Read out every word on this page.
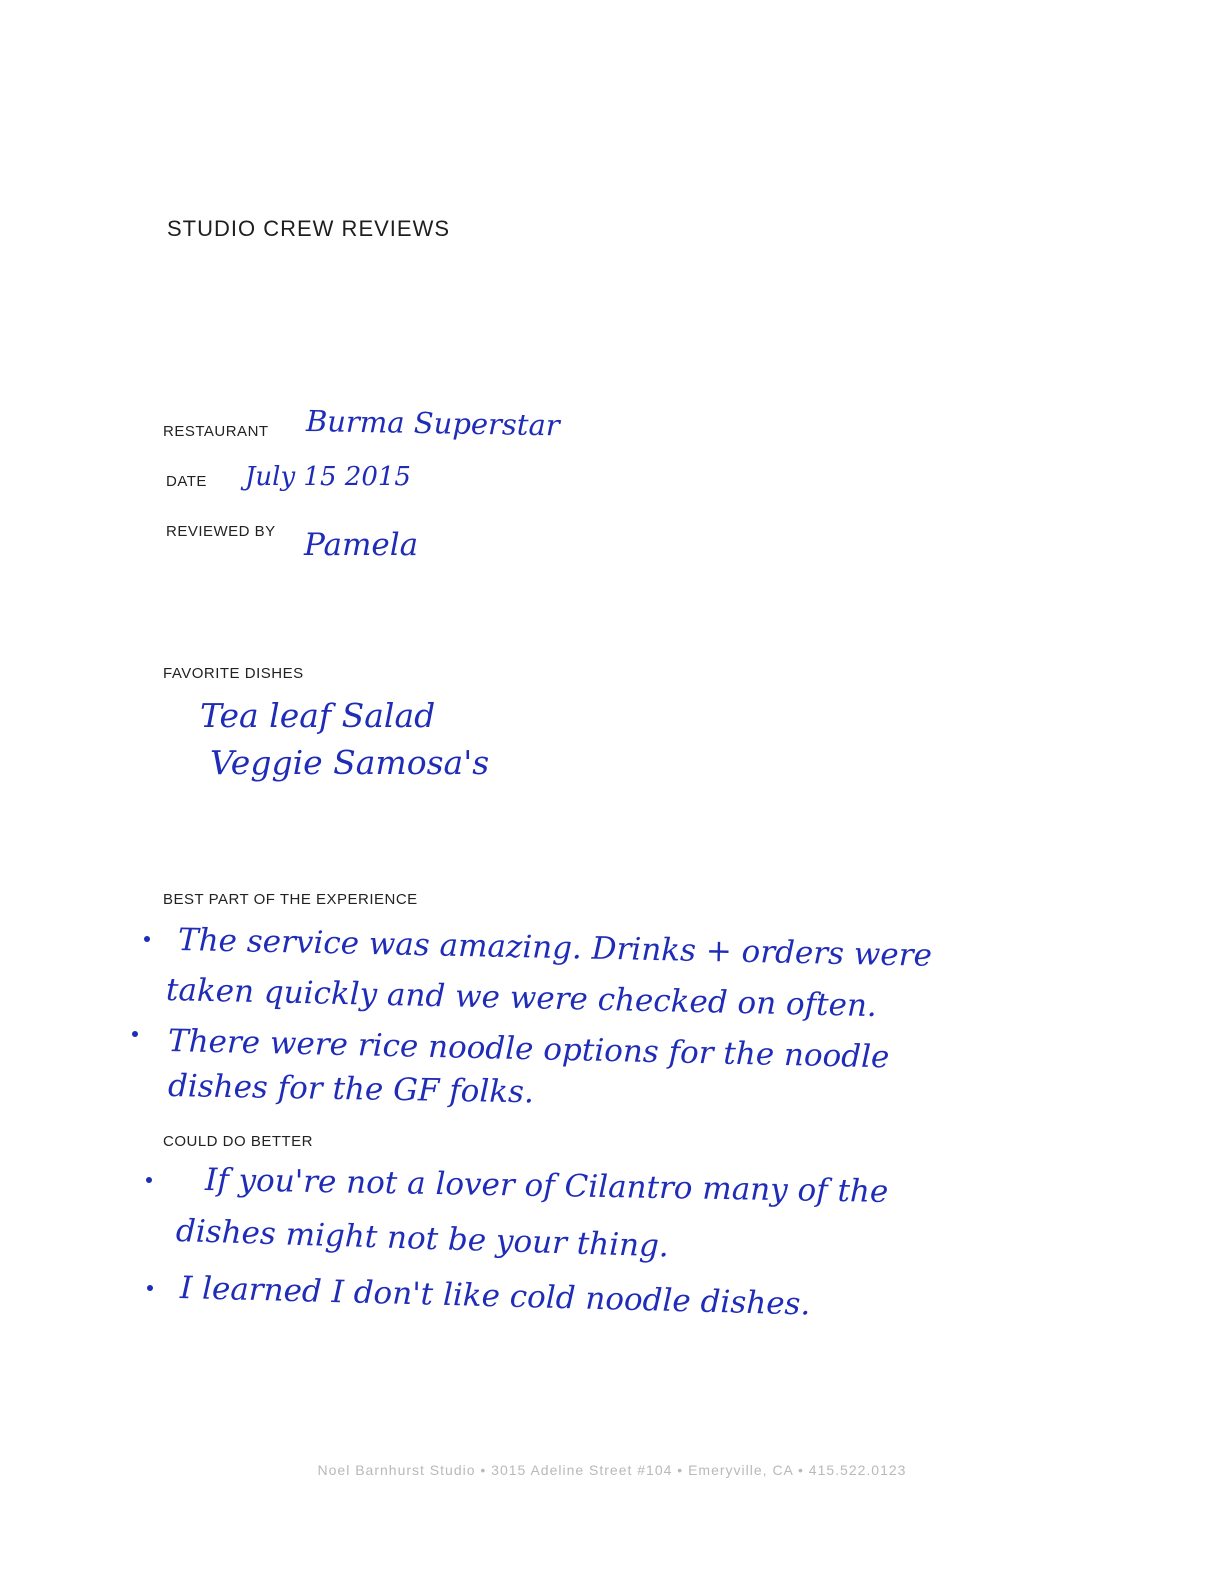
STUDIO CREW REVIEWS
RESTAURANT Burma Superstar
DATE July 15 2015
REVIEWED BY Pamela
FAVORITE DISHES
Tea leaf Salad
Veggie Samosa's
BEST PART OF THE EXPERIENCE
The service was amazing. Drinks + orders were
taken quickly and we were checked on often.
There were rice noodle options for the noodle
dishes for the GF folks.
COULD DO BETTER
If you're not a lover of Cilantro many of the
dishes might not be your thing.
I learned I don't like cold noodle dishes.
Noel Barnhurst Studio • 3015 Adeline Street #104 • Emeryville, CA • 415.522.0123
